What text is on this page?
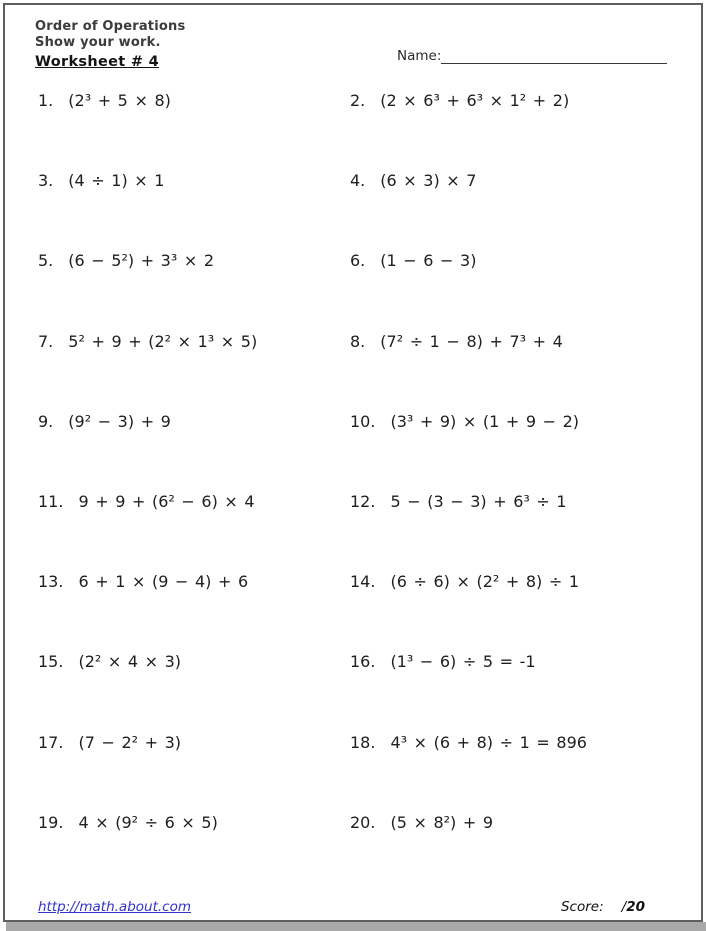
Order of Operations
Show your work.
Worksheet # 4	Name:
1. (2³ + 5 × 8)	2. (2 × 6³ + 6³ × 1² + 2)
3. (4 ÷ 1) × 1	4. (6 × 3) × 7
5. (6 − 5²) + 3³ × 2	6. (1 − 6 − 3)
7. 5² + 9 + (2² × 1³ × 5)	8. (7² ÷ 1 − 8) + 7³ + 4
9. (9² − 3) + 9	10. (3³ + 9) × (1 + 9 − 2)
11. 9 + 9 + (6² − 6) × 4	12. 5 − (3 − 3) + 6³ ÷ 1
13. 6 + 1 × (9 − 4) + 6	14. (6 ÷ 6) × (2² + 8) ÷ 1
15. (2² × 4 × 3)	16. (1³ − 6) ÷ 5 = -1
17. (7 − 2² + 3)	18. 4³ × (6 + 8) ÷ 1 = 896
19. 4 × (9² ÷ 6 × 5)	20. (5 × 8²) + 9
http://math.about.com	Score: /20
